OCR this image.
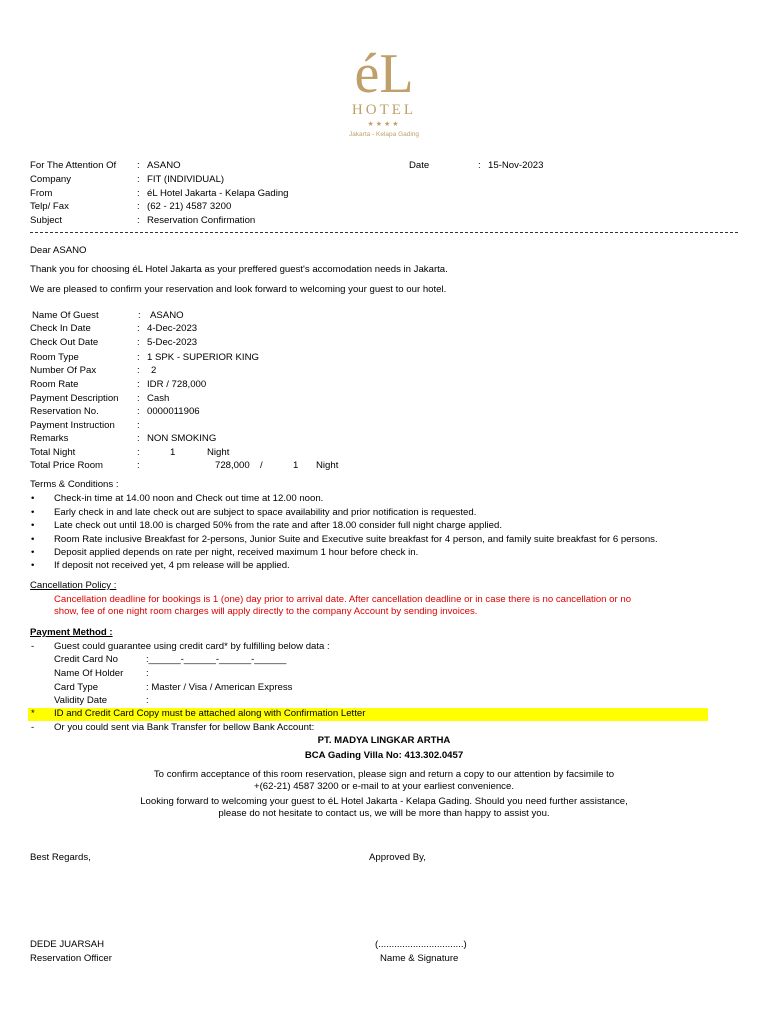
éL
HOTEL
★★★★
Jakarta - Kelapa Gading
For The Attention Of : ASANO	Date	: 15-Nov-2023
Company	: FIT (INDIVIDUAL)
From	: éL Hotel Jakarta - Kelapa Gading
Telp/ Fax	: (62 - 21) 4587 3200
Subject	: Reservation Confirmation
Dear ASANO
Thank you for choosing éL Hotel Jakarta as your preffered guest's accomodation needs in Jakarta.
We are pleased to confirm your reservation and look forward to welcoming your guest to our hotel.
Name Of Guest	: ASANO
Check In Date	: 4-Dec-2023
Check Out Date	: 5-Dec-2023
Room Type	: 1 SPK - SUPERIOR KING
Number Of Pax	: 2
Room Rate	: IDR / 728,000
Payment Description : Cash
Reservation No.	: 0000011906
Payment Instruction :
Remarks	: NON SMOKING
Total Night	:	1	Night
Total Price Room	:	728,000 /	1 Night
Terms & Conditions :
• Check-in time at 14.00 noon and Check out time at 12.00 noon.
• Early check in and late check out are subject to space availability and prior notification is requested.
• Late check out until 18.00 is charged 50% from the rate and after 18.00 consider full night charge applied.
• Room Rate inclusive Breakfast for 2-persons, Junior Suite and Executive suite breakfast for 4 person, and family suite breakfast for 6 persons.
• Deposit applied depends on rate per night, received maximum 1 hour before check in.
• If deposit not received yet, 4 pm release will be applied.
Cancellation Policy :
Cancellation deadline for bookings is 1 (one) day prior to arrival date. After cancellation deadline or in case there is no cancellation or no
show, fee of one night room charges will apply directly to the company Account by sending invoices.
Payment Method :
- Guest could guarantee using credit card* by fulfilling below data :
Credit Card No	:______-______-______-______
Name Of Holder :
Card Type	: Master / Visa / American Express
Validity Date	:
* ID and Credit Card Copy must be attached along with Confirmation Letter
- Or you could sent via Bank Transfer for bellow Bank Account:
PT. MADYA LINGKAR ARTHA
BCA Gading Villa No: 413.302.0457
To confirm acceptance of this room reservation, please sign and return a copy to our attention by facsimile to
+(62-21) 4587 3200 or e-mail to at your earliest convenience.
Looking forward to welcoming your guest to éL Hotel Jakarta - Kelapa Gading. Should you need further assistance,
please do not hesitate to contact us, we will be more than happy to assist you.
Best Regards,	Approved By,
DEDE JUARSAH	(................................)
Reservation Officer	Name & Signature
